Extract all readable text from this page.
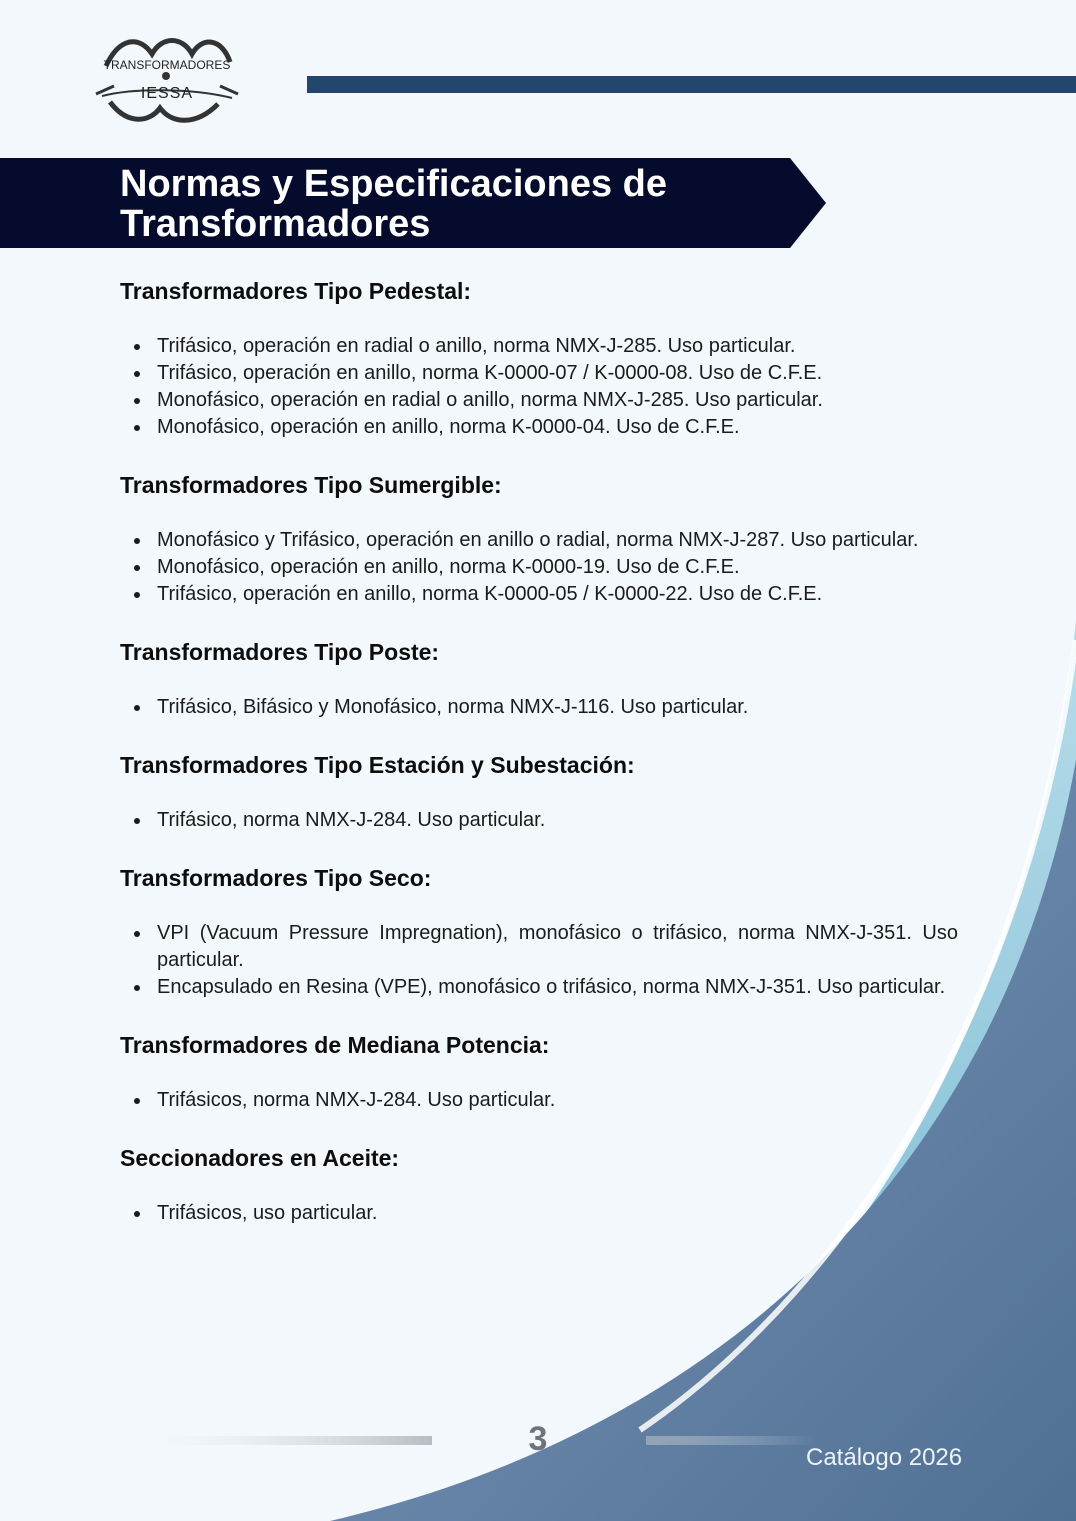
TRANSFORMADORES
IESSA
Normas y Especificaciones de
Transformadores
Transformadores Tipo Pedestal:
Trifásico, operación en radial o anillo, norma NMX-J-285. Uso particular.
Trifásico, operación en anillo, norma K-0000-07 / K-0000-08. Uso de C.F.E.
Monofásico, operación en radial o anillo, norma NMX-J-285. Uso particular.
Monofásico, operación en anillo, norma K-0000-04. Uso de C.F.E.
Transformadores Tipo Sumergible:
Monofásico y Trifásico, operación en anillo o radial, norma NMX-J-287. Uso particular.
Monofásico, operación en anillo, norma K-0000-19. Uso de C.F.E.
Trifásico, operación en anillo, norma K-0000-05 / K-0000-22. Uso de C.F.E.
Transformadores Tipo Poste:
Trifásico, Bifásico y Monofásico, norma NMX-J-116. Uso particular.
Transformadores Tipo Estación y Subestación:
Trifásico, norma NMX-J-284. Uso particular.
Transformadores Tipo Seco:
VPI (Vacuum Pressure Impregnation), monofásico o trifásico, norma NMX-J-351. Uso particular.
Encapsulado en Resina (VPE), monofásico o trifásico, norma NMX-J-351. Uso particular.
Transformadores de Mediana Potencia:
Trifásicos, norma NMX-J-284. Uso particular.
Seccionadores en Aceite:
Trifásicos, uso particular.
3	Catálogo 2026
